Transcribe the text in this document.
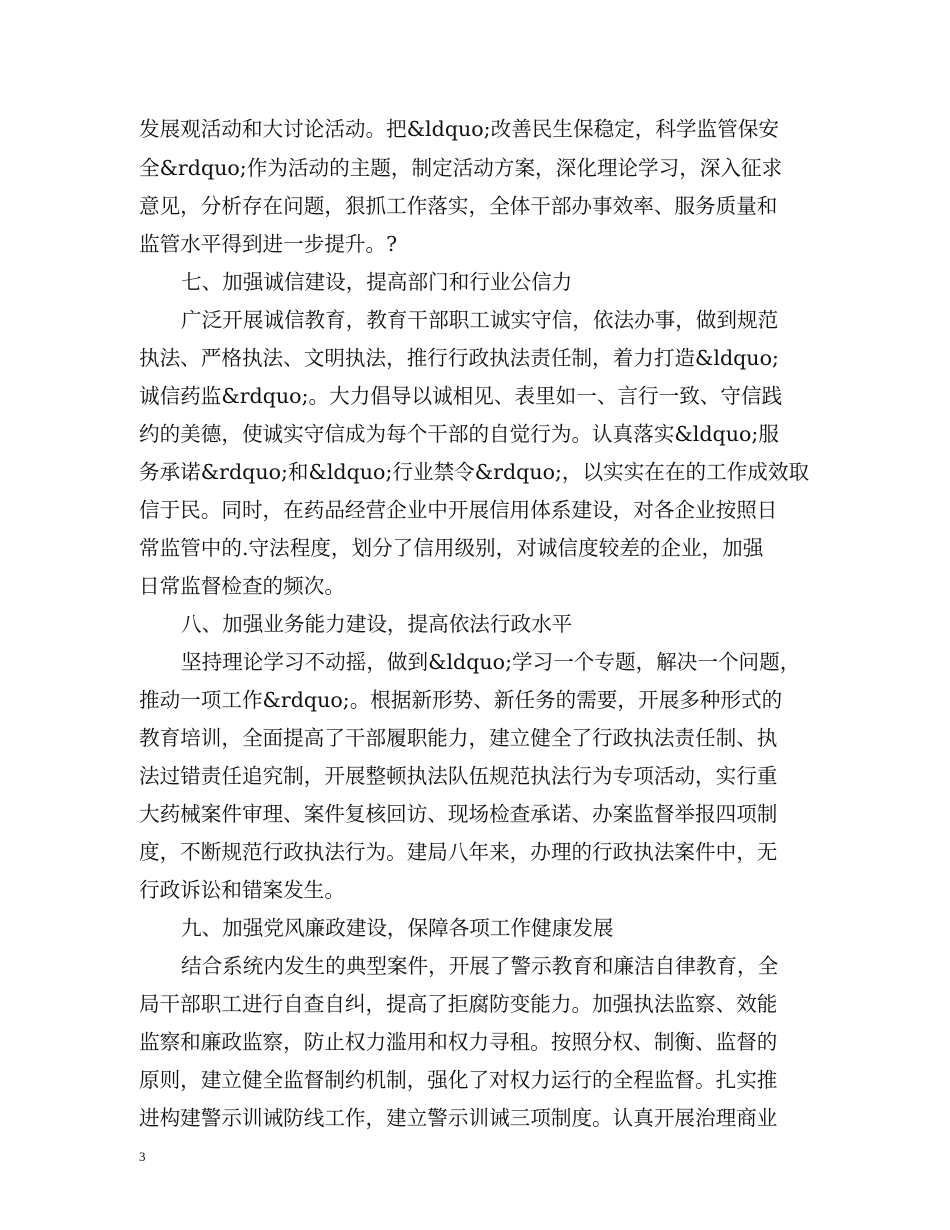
发展观活动和大讨论活动。把&ldquo;改善民生保稳定，科学监管保安
全&rdquo;作为活动的主题，制定活动方案，深化理论学习，深入征求
意见，分析存在问题，狠抓工作落实，全体干部办事效率、服务质量和
监管水平得到进一步提升。?
七、加强诚信建设，提高部门和行业公信力
广泛开展诚信教育，教育干部职工诚实守信，依法办事，做到规范
执法、严格执法、文明执法，推行行政执法责任制，着力打造&ldquo;
诚信药监&rdquo;。大力倡导以诚相见、表里如一、言行一致、守信践
约的美德，使诚实守信成为每个干部的自觉行为。认真落实&ldquo;服
务承诺&rdquo;和&ldquo;行业禁令&rdquo;，以实实在在的工作成效取
信于民。同时，在药品经营企业中开展信用体系建设，对各企业按照日
常监管中的.守法程度，划分了信用级别，对诚信度较差的企业，加强
日常监督检查的频次。
八、加强业务能力建设，提高依法行政水平
坚持理论学习不动摇，做到&ldquo;学习一个专题，解决一个问题，
推动一项工作&rdquo;。根据新形势、新任务的需要，开展多种形式的
教育培训，全面提高了干部履职能力，建立健全了行政执法责任制、执
法过错责任追究制，开展整顿执法队伍规范执法行为专项活动，实行重
大药械案件审理、案件复核回访、现场检查承诺、办案监督举报四项制
度，不断规范行政执法行为。建局八年来，办理的行政执法案件中，无
行政诉讼和错案发生。
九、加强党风廉政建设，保障各项工作健康发展
结合系统内发生的典型案件，开展了警示教育和廉洁自律教育，全
局干部职工进行自查自纠，提高了拒腐防变能力。加强执法监察、效能
监察和廉政监察，防止权力滥用和权力寻租。按照分权、制衡、监督的
原则，建立健全监督制约机制，强化了对权力运行的全程监督。扎实推
进构建警示训诫防线工作，建立警示训诫三项制度。认真开展治理商业
3
